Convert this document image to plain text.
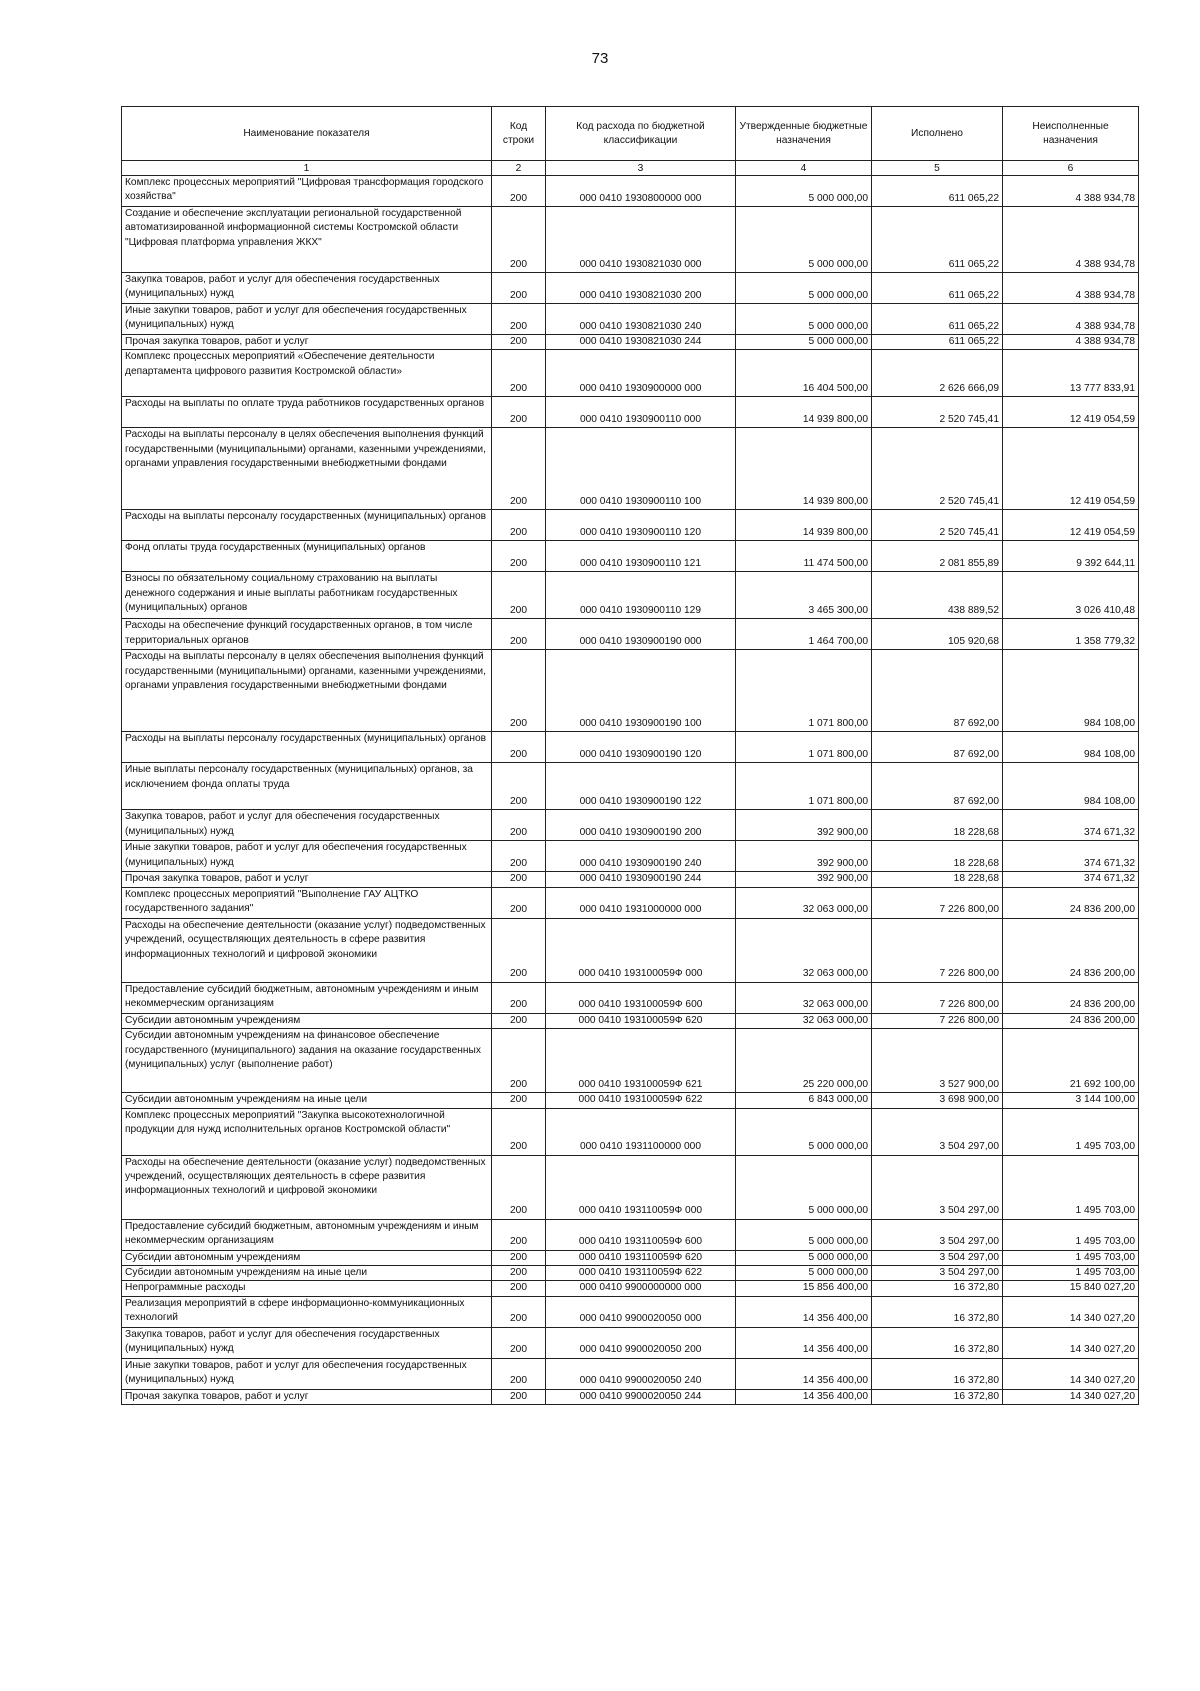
73
Наименование показателя	Код строки	Код расхода по бюджетной классификации	Утвержденные бюджетные назначения	Исполнено	Неисполненные назначения
1	2	3	4	5	6
Комплекс процессных мероприятий "Цифровая трансформация городского хозяйства"	200	000 0410 1930800000 000	5 000 000,00	611 065,22	4 388 934,78
Создание и обеспечение эксплуатации региональной государственной автоматизированной информационной системы Костромской области "Цифровая платформа управления ЖКХ"	200	000 0410 1930821030 000	5 000 000,00	611 065,22	4 388 934,78
Закупка товаров, работ и услуг для обеспечения государственных (муниципальных) нужд	200	000 0410 1930821030 200	5 000 000,00	611 065,22	4 388 934,78
Иные закупки товаров, работ и услуг для обеспечения государственных (муниципальных) нужд	200	000 0410 1930821030 240	5 000 000,00	611 065,22	4 388 934,78
Прочая закупка товаров, работ и услуг	200	000 0410 1930821030 244	5 000 000,00	611 065,22	4 388 934,78
Комплекс процессных мероприятий «Обеспечение деятельности департамента цифрового развития Костромской области»	200	000 0410 1930900000 000	16 404 500,00	2 626 666,09	13 777 833,91
Расходы на выплаты по оплате труда работников государственных органов	200	000 0410 1930900110 000	14 939 800,00	2 520 745,41	12 419 054,59
Расходы на выплаты персоналу в целях обеспечения выполнения функций государственными (муниципальными) органами, казенными учреждениями, органами управления государственными внебюджетными фондами	200	000 0410 1930900110 100	14 939 800,00	2 520 745,41	12 419 054,59
Расходы на выплаты персоналу государственных (муниципальных) органов	200	000 0410 1930900110 120	14 939 800,00	2 520 745,41	12 419 054,59
Фонд оплаты труда государственных (муниципальных) органов	200	000 0410 1930900110 121	11 474 500,00	2 081 855,89	9 392 644,11
Взносы по обязательному социальному страхованию на выплаты денежного содержания и иные выплаты работникам государственных (муниципальных) органов	200	000 0410 1930900110 129	3 465 300,00	438 889,52	3 026 410,48
Расходы на обеспечение функций государственных органов, в том числе территориальных органов	200	000 0410 1930900190 000	1 464 700,00	105 920,68	1 358 779,32
Расходы на выплаты персоналу в целях обеспечения выполнения функций государственными (муниципальными) органами, казенными учреждениями, органами управления государственными внебюджетными фондами	200	000 0410 1930900190 100	1 071 800,00	87 692,00	984 108,00
Расходы на выплаты персоналу государственных (муниципальных) органов	200	000 0410 1930900190 120	1 071 800,00	87 692,00	984 108,00
Иные выплаты персоналу государственных (муниципальных) органов, за исключением фонда оплаты труда	200	000 0410 1930900190 122	1 071 800,00	87 692,00	984 108,00
Закупка товаров, работ и услуг для обеспечения государственных (муниципальных) нужд	200	000 0410 1930900190 200	392 900,00	18 228,68	374 671,32
Иные закупки товаров, работ и услуг для обеспечения государственных (муниципальных) нужд	200	000 0410 1930900190 240	392 900,00	18 228,68	374 671,32
Прочая закупка товаров, работ и услуг	200	000 0410 1930900190 244	392 900,00	18 228,68	374 671,32
Комплекс процессных мероприятий "Выполнение ГАУ АЦТКО государственного задания"	200	000 0410 1931000000 000	32 063 000,00	7 226 800,00	24 836 200,00
Расходы на обеспечение деятельности (оказание услуг) подведомственных учреждений, осуществляющих деятельность в сфере развития информационных технологий и цифровой экономики	200	000 0410 193100059Ф 000	32 063 000,00	7 226 800,00	24 836 200,00
Предоставление субсидий бюджетным, автономным учреждениям и иным некоммерческим организациям	200	000 0410 193100059Ф 600	32 063 000,00	7 226 800,00	24 836 200,00
Субсидии автономным учреждениям	200	000 0410 193100059Ф 620	32 063 000,00	7 226 800,00	24 836 200,00
Субсидии автономным учреждениям на финансовое обеспечение государственного (муниципального) задания на оказание государственных (муниципальных) услуг (выполнение работ)	200	000 0410 193100059Ф 621	25 220 000,00	3 527 900,00	21 692 100,00
Субсидии автономным учреждениям на иные цели	200	000 0410 193100059Ф 622	6 843 000,00	3 698 900,00	3 144 100,00
Комплекс процессных мероприятий "Закупка высокотехнологичной продукции для нужд исполнительных органов Костромской области"	200	000 0410 1931100000 000	5 000 000,00	3 504 297,00	1 495 703,00
Расходы на обеспечение деятельности (оказание услуг) подведомственных учреждений, осуществляющих деятельность в сфере развития информационных технологий и цифровой экономики	200	000 0410 193110059Ф 000	5 000 000,00	3 504 297,00	1 495 703,00
Предоставление субсидий бюджетным, автономным учреждениям и иным некоммерческим организациям	200	000 0410 193110059Ф 600	5 000 000,00	3 504 297,00	1 495 703,00
Субсидии автономным учреждениям	200	000 0410 193110059Ф 620	5 000 000,00	3 504 297,00	1 495 703,00
Субсидии автономным учреждениям на иные цели	200	000 0410 193110059Ф 622	5 000 000,00	3 504 297,00	1 495 703,00
Непрограммные расходы	200	000 0410 9900000000 000	15 856 400,00	16 372,80	15 840 027,20
Реализация мероприятий в сфере информационно-коммуникационных технологий	200	000 0410 9900020050 000	14 356 400,00	16 372,80	14 340 027,20
Закупка товаров, работ и услуг для обеспечения государственных (муниципальных) нужд	200	000 0410 9900020050 200	14 356 400,00	16 372,80	14 340 027,20
Иные закупки товаров, работ и услуг для обеспечения государственных (муниципальных) нужд	200	000 0410 9900020050 240	14 356 400,00	16 372,80	14 340 027,20
Прочая закупка товаров, работ и услуг	200	000 0410 9900020050 244	14 356 400,00	16 372,80	14 340 027,20
